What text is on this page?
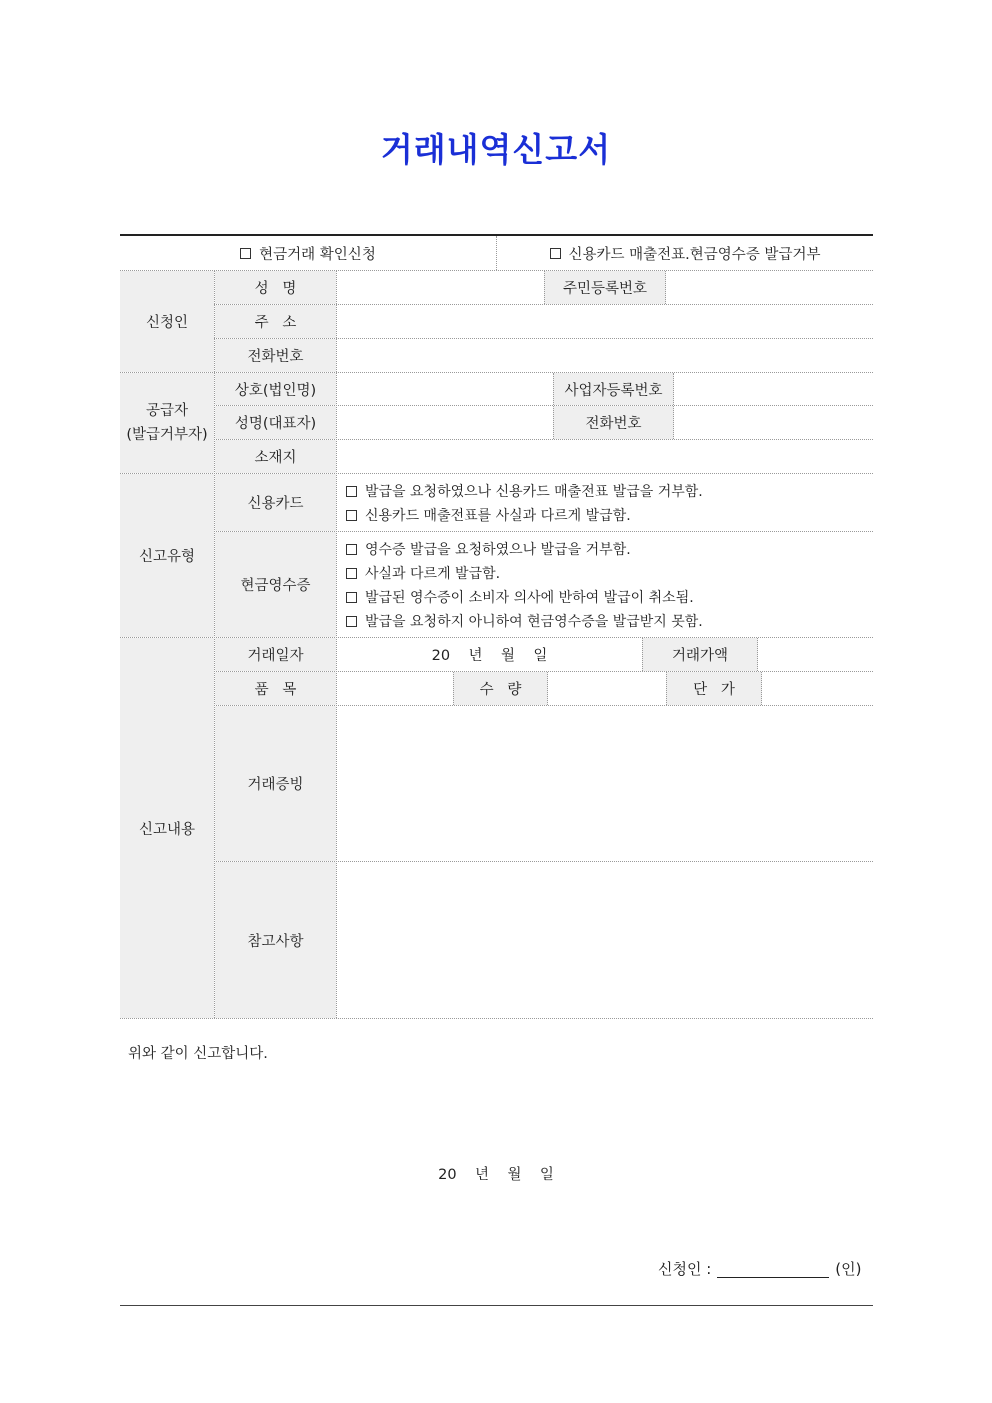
거래내역신고서
현금거래 확인신청	신용카드 매출전표.현금영수증 발급거부
신청인
성   명	주민등록번호
주   소
전화번호
공급자
(발급거부자)
상호(법인명)	사업자등록번호
성명(대표자)	전화번호
소재지
신고유형
신용카드
발급을 요청하였으나 신용카드 매출전표 발급을 거부함.
신용카드 매출전표를 사실과 다르게 발급함.
현금영수증
영수증 발급을 요청하였으나 발급을 거부함.
사실과 다르게 발급함.
발급된 영수증이 소비자 의사에 반하여 발급이 취소됨.
발급을 요청하지 아니하여 현금영수증을 발급받지 못함.
신고내용
거래일자	20    년    월    일	거래가액
품   목	수   량	단   가
거래증빙
참고사항
위와 같이 신고합니다.
20    년    월    일
신청인 :	(인)
